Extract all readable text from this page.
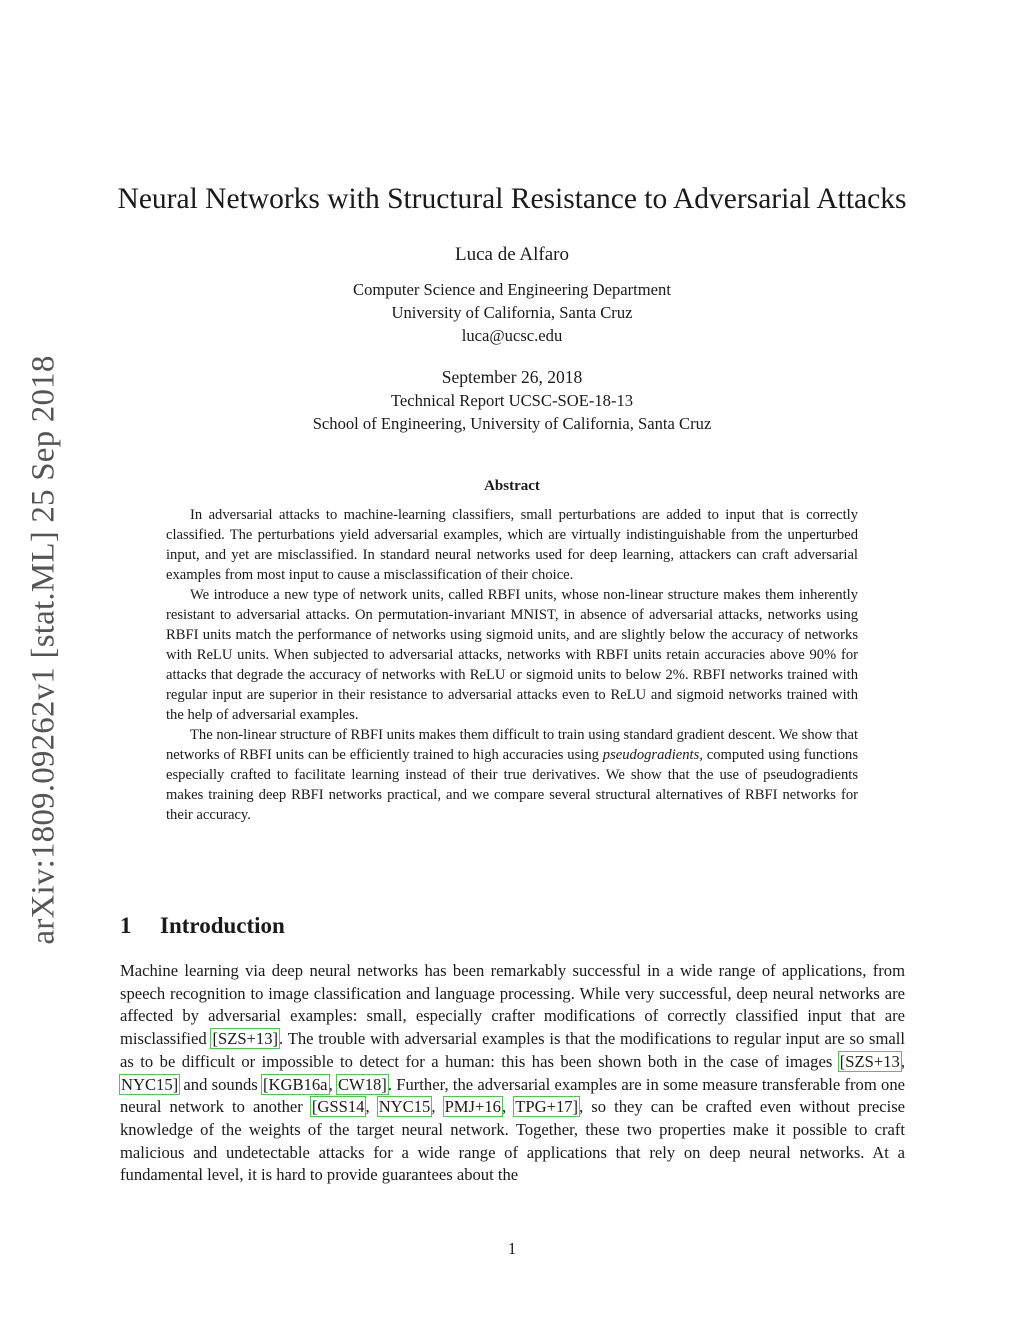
arXiv:1809.09262v1 [stat.ML] 25 Sep 2018
Neural Networks with Structural Resistance to Adversarial Attacks
Luca de Alfaro
Computer Science and Engineering Department
University of California, Santa Cruz
luca@ucsc.edu
September 26, 2018
Technical Report UCSC-SOE-18-13
School of Engineering, University of California, Santa Cruz
Abstract

In adversarial attacks to machine-learning classifiers, small perturbations are added to input that is correctly classified. The perturbations yield adversarial examples, which are virtually indistinguishable from the unperturbed input, and yet are misclassified. In standard neural networks used for deep learning, attackers can craft adversarial examples from most input to cause a misclassification of their choice.

We introduce a new type of network units, called RBFI units, whose non-linear structure makes them inherently resistant to adversarial attacks. On permutation-invariant MNIST, in absence of adversarial attacks, networks using RBFI units match the performance of networks using sigmoid units, and are slightly below the accuracy of networks with ReLU units. When subjected to adversarial attacks, networks with RBFI units retain accuracies above 90% for attacks that degrade the accuracy of networks with ReLU or sigmoid units to below 2%. RBFI networks trained with regular input are superior in their resistance to adversarial attacks even to ReLU and sigmoid networks trained with the help of adversarial examples.

The non-linear structure of RBFI units makes them difficult to train using standard gradient descent. We show that networks of RBFI units can be efficiently trained to high accuracies using pseudogradients, computed using functions especially crafted to facilitate learning instead of their true derivatives. We show that the use of pseudogradients makes training deep RBFI networks practical, and we compare several structural alternatives of RBFI networks for their accuracy.

1 Introduction

Machine learning via deep neural networks has been remarkably successful in a wide range of applications, from speech recognition to image classification and language processing. While very successful, deep neural networks are affected by adversarial examples: small, especially crafter modifications of correctly classified input that are misclassified [SZS+13]. The trouble with adversarial examples is that the modifications to regular input are so small as to be difficult or impossible to detect for a human: this has been shown both in the case of images [SZS+13, NYC15] and sounds [KGB16a, CW18]. Further, the adversarial examples are in some measure transferable from one neural network to another [GSS14, NYC15, PMJ+16, TPG+17], so they can be crafted even without precise knowledge of the weights of the target neural network. Together, these two properties make it possible to craft malicious and undetectable attacks for a wide range of applications that rely on deep neural networks. At a fundamental level, it is hard to provide guarantees about the

1
